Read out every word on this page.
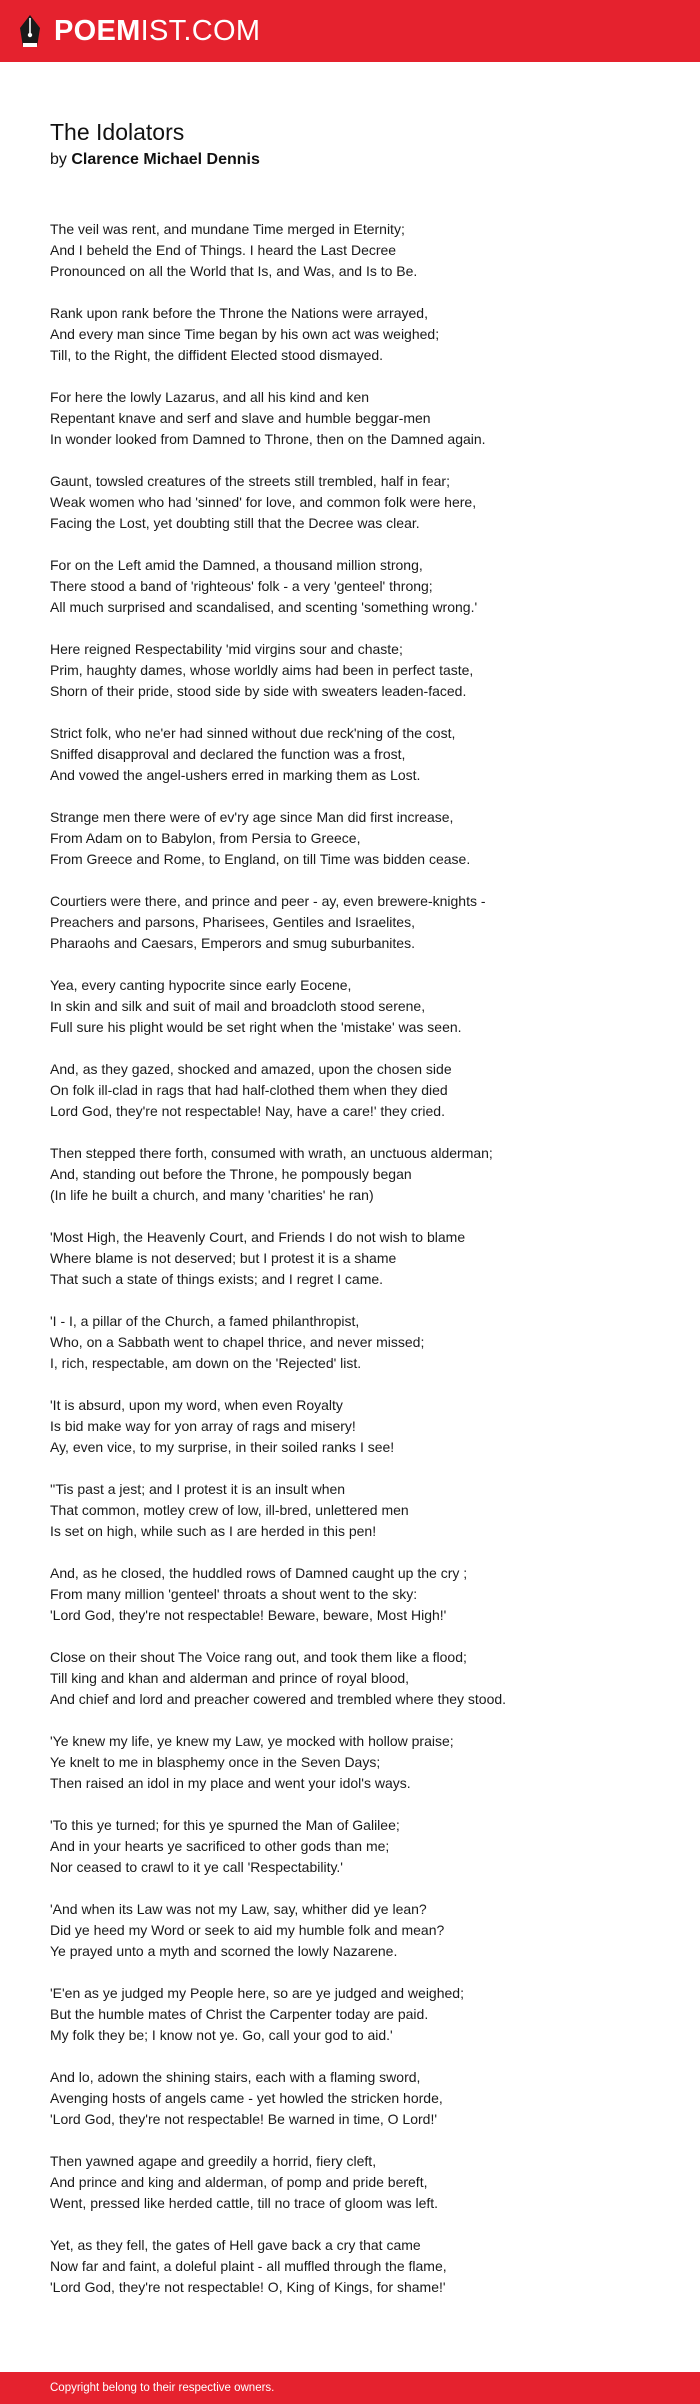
POEMIST.COM
The Idolators
by Clarence Michael Dennis
The veil was rent, and mundane Time merged in Eternity;
And I beheld the End of Things. I heard the Last Decree
Pronounced on all the World that Is, and Was, and Is to Be.
Rank upon rank before the Throne the Nations were arrayed,
And every man since Time began by his own act was weighed;
Till, to the Right, the diffident Elected stood dismayed.
For here the lowly Lazarus, and all his kind and ken
Repentant knave and serf and slave and humble beggar-men
In wonder looked from Damned to Throne, then on the Damned again.
Gaunt, towsled creatures of the streets still trembled, half in fear;
Weak women who had 'sinned' for love, and common folk were here,
Facing the Lost, yet doubting still that the Decree was clear.
For on the Left amid the Damned, a thousand million strong,
There stood a band of 'righteous' folk - a very 'genteel' throng;
All much surprised and scandalised, and scenting 'something wrong.'
Here reigned Respectability 'mid virgins sour and chaste;
Prim, haughty dames, whose worldly aims had been in perfect taste,
Shorn of their pride, stood side by side with sweaters leaden-faced.
Strict folk, who ne'er had sinned without due reck'ning of the cost,
Sniffed disapproval and declared the function was a frost,
And vowed the angel-ushers erred in marking them as Lost.
Strange men there were of ev'ry age since Man did first increase,
From Adam on to Babylon, from Persia to Greece,
From Greece and Rome, to England, on till Time was bidden cease.
Courtiers were there, and prince and peer - ay, even brewere-knights -
Preachers and parsons, Pharisees, Gentiles and Israelites,
Pharaohs and Caesars, Emperors and smug suburbanites.
Yea, every canting hypocrite since early Eocene,
In skin and silk and suit of mail and broadcloth stood serene,
Full sure his plight would be set right when the 'mistake' was seen.
And, as they gazed, shocked and amazed, upon the chosen side
On folk ill-clad in rags that had half-clothed them when they died
Lord God, they're not respectable! Nay, have a care!' they cried.
Then stepped there forth, consumed with wrath, an unctuous alderman;
And, standing out before the Throne, he pompously began
(In life he built a church, and many 'charities' he ran)
'Most High, the Heavenly Court, and Friends I do not wish to blame
Where blame is not deserved; but I protest it is a shame
That such a state of things exists; and I regret I came.
'I - I, a pillar of the Church, a famed philanthropist,
Who, on a Sabbath went to chapel thrice, and never missed;
I, rich, respectable, am down on the 'Rejected' list.
'It is absurd, upon my word, when even Royalty
Is bid make way for yon array of rags and misery!
Ay, even vice, to my surprise, in their soiled ranks I see!
''Tis past a jest; and I protest it is an insult when
That common, motley crew of low, ill-bred, unlettered men
Is set on high, while such as I are herded in this pen!
And, as he closed, the huddled rows of Damned caught up the cry ;
From many million 'genteel' throats a shout went to the sky:
'Lord God, they're not respectable! Beware, beware, Most High!'
Close on their shout The Voice rang out, and took them like a flood;
Till king and khan and alderman and prince of royal blood,
And chief and lord and preacher cowered and trembled where they stood.
'Ye knew my life, ye knew my Law, ye mocked with hollow praise;
Ye knelt to me in blasphemy once in the Seven Days;
Then raised an idol in my place and went your idol's ways.
'To this ye turned; for this ye spurned the Man of Galilee;
And in your hearts ye sacrificed to other gods than me;
Nor ceased to crawl to it ye call 'Respectability.'
'And when its Law was not my Law, say, whither did ye lean?
Did ye heed my Word or seek to aid my humble folk and mean?
Ye prayed unto a myth and scorned the lowly Nazarene.
'E'en as ye judged my People here, so are ye judged and weighed;
But the humble mates of Christ the Carpenter today are paid.
My folk they be; I know not ye. Go, call your god to aid.'
And lo, adown the shining stairs, each with a flaming sword,
Avenging hosts of angels came - yet howled the stricken horde,
'Lord God, they're not respectable! Be warned in time, O Lord!'
Then yawned agape and greedily a horrid, fiery cleft,
And prince and king and alderman, of pomp and pride bereft,
Went, pressed like herded cattle, till no trace of gloom was left.
Yet, as they fell, the gates of Hell gave back a cry that came
Now far and faint, a doleful plaint - all muffled through the flame,
'Lord God, they're not respectable! O, King of Kings, for shame!'
Copyright belong to their respective owners.
